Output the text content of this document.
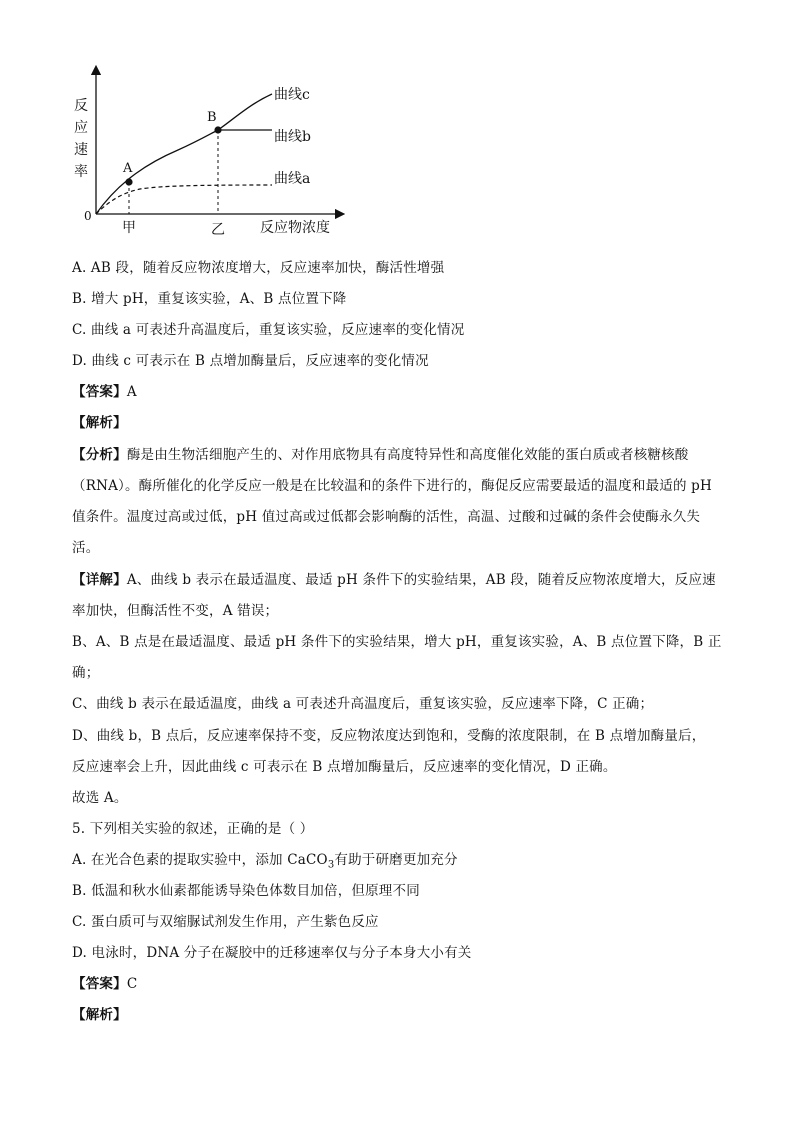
反
应
速
率
0
A
B
曲线c
曲线b
曲线a
甲	乙	反应物浓度
A. AB 段，随着反应物浓度增大，反应速率加快，酶活性增强
B. 增大 pH，重复该实验，A、B 点位置下降
C. 曲线 a 可表述升高温度后，重复该实验，反应速率的变化情况
D. 曲线 c 可表示在 B 点增加酶量后，反应速率的变化情况
【答案】A
【解析】
【分析】酶是由生物活细胞产生的、对作用底物具有高度特异性和高度催化效能的蛋白质或者核糖核酸
（RNA）。酶所催化的化学反应一般是在比较温和的条件下进行的，酶促反应需要最适的温度和最适的 pH
值条件。温度过高或过低，pH 值过高或过低都会影响酶的活性，高温、过酸和过碱的条件会使酶永久失
活。
【详解】A、曲线 b 表示在最适温度、最适 pH 条件下的实验结果，AB 段，随着反应物浓度增大，反应速
率加快，但酶活性不变，A 错误；
B、A、B 点是在最适温度、最适 pH 条件下的实验结果，增大 pH，重复该实验，A、B 点位置下降，B 正
确；
C、曲线 b 表示在最适温度，曲线 a 可表述升高温度后，重复该实验，反应速率下降，C 正确；
D、曲线 b，B 点后，反应速率保持不变，反应物浓度达到饱和，受酶的浓度限制，在 B 点增加酶量后，
反应速率会上升，因此曲线 c 可表示在 B 点增加酶量后，反应速率的变化情况，D 正确。
故选 A。
5. 下列相关实验的叙述，正确的是（ ）
A. 在光合色素的提取实验中，添加 CaCO$_3$有助于研磨更加充分
B. 低温和秋水仙素都能诱导染色体数目加倍，但原理不同
C. 蛋白质可与双缩脲试剂发生作用，产生紫色反应
D. 电泳时，DNA 分子在凝胶中的迁移速率仅与分子本身大小有关
【答案】C
【解析】
